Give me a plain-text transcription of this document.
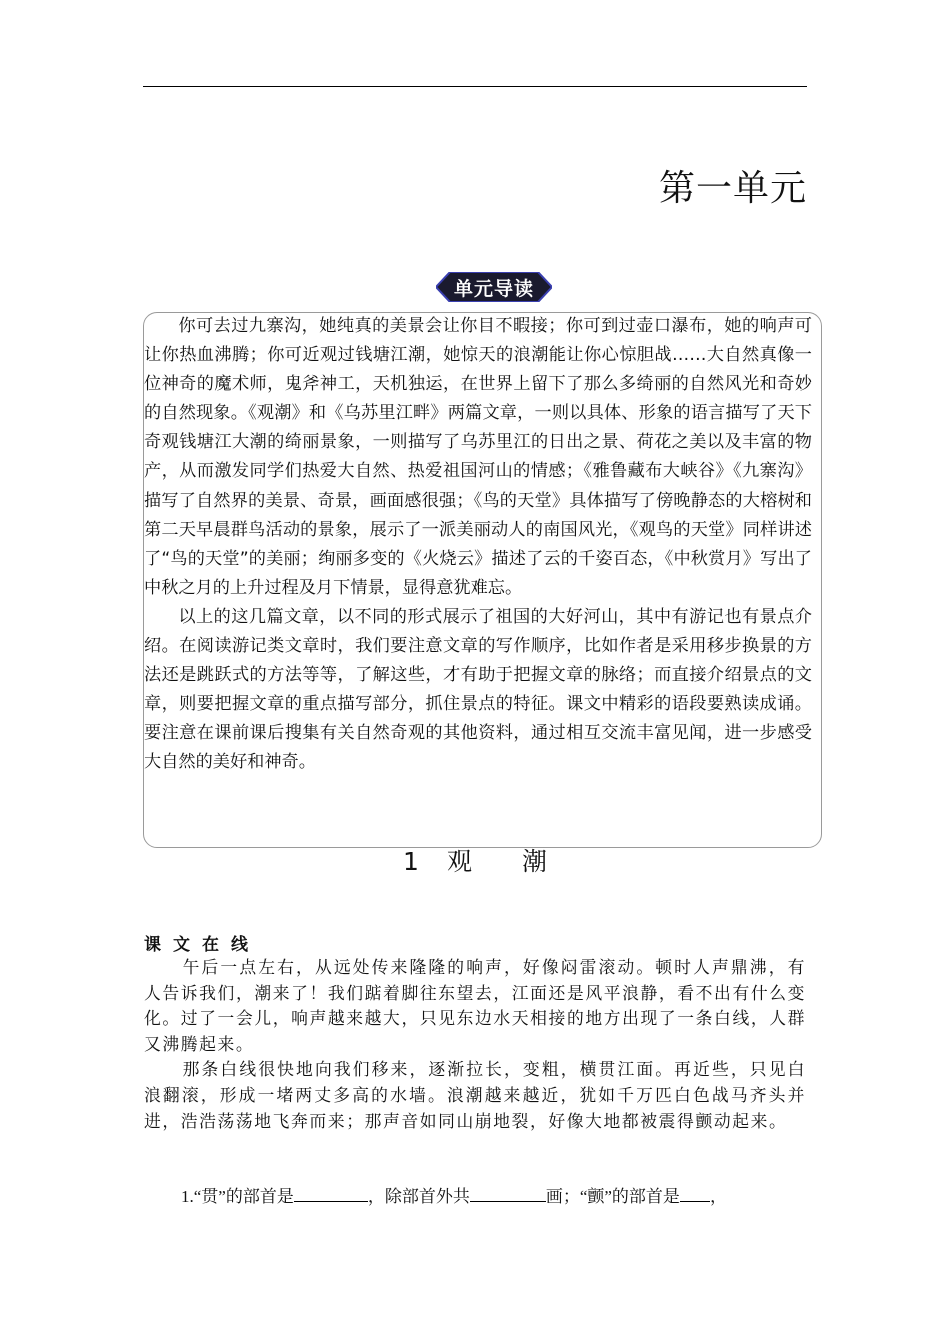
第一单元
单元导读

你可去过九寨沟，她纯真的美景会让你目不暇接；你可到过壶口瀑布，她的响声可让你热血沸腾；你可近观过钱塘江潮，她惊天的浪潮能让你心惊胆战……大自然真像一位神奇的魔术师，鬼斧神工，天机独运，在世界上留下了那么多绮丽的自然风光和奇妙的自然现象。《观潮》和《乌苏里江畔》两篇文章，一则以具体、形象的语言描写了天下奇观钱塘江大潮的绮丽景象，一则描写了乌苏里江的日出之景、荷花之美以及丰富的物产，从而激发同学们热爱大自然、热爱祖国河山的情感；《雅鲁藏布大峡谷》《九寨沟》描写了自然界的美景、奇景，画面感很强；《鸟的天堂》具体描写了傍晚静态的大榕树和第二天早晨群鸟活动的景象，展示了一派美丽动人的南国风光，《观鸟的天堂》同样讲述了“鸟的天堂”的美丽；绚丽多变的《火烧云》描述了云的千姿百态，《中秋赏月》写出了中秋之月的上升过程及月下情景，显得意犹难忘。

以上的这几篇文章，以不同的形式展示了祖国的大好河山，其中有游记也有景点介绍。在阅读游记类文章时，我们要注意文章的写作顺序，比如作者是采用移步换景的方法还是跳跃式的方法等等，了解这些，才有助于把握文章的脉络；而直接介绍景点的文章，则要把握文章的重点描写部分，抓住景点的特征。课文中精彩的语段要熟读成诵。要注意在课前课后搜集有关自然奇观的其他资料，通过相互交流丰富见闻，进一步感受大自然的美好和神奇。

1 观 潮
课文在线

午后一点左右，从远处传来隆隆的响声，好像闷雷滚动。顿时人声鼎沸，有人告诉我们，潮来了！我们踮着脚往东望去，江面还是风平浪静，看不出有什么变化。过了一会儿，响声越来越大，只见东边水天相接的地方出现了一条白线，人群又沸腾起来。

那条白线很快地向我们移来，逐渐拉长，变粗，横贯江面。再近些，只见白浪翻滚，形成一堵两丈多高的水墙。浪潮越来越近，犹如千万匹白色战马齐头并进，浩浩荡荡地飞奔而来；那声音如同山崩地裂，好像大地都被震得颤动起来。

1.“贯”的部首是	，除部首外共	画；“颤”的部首是 ，
